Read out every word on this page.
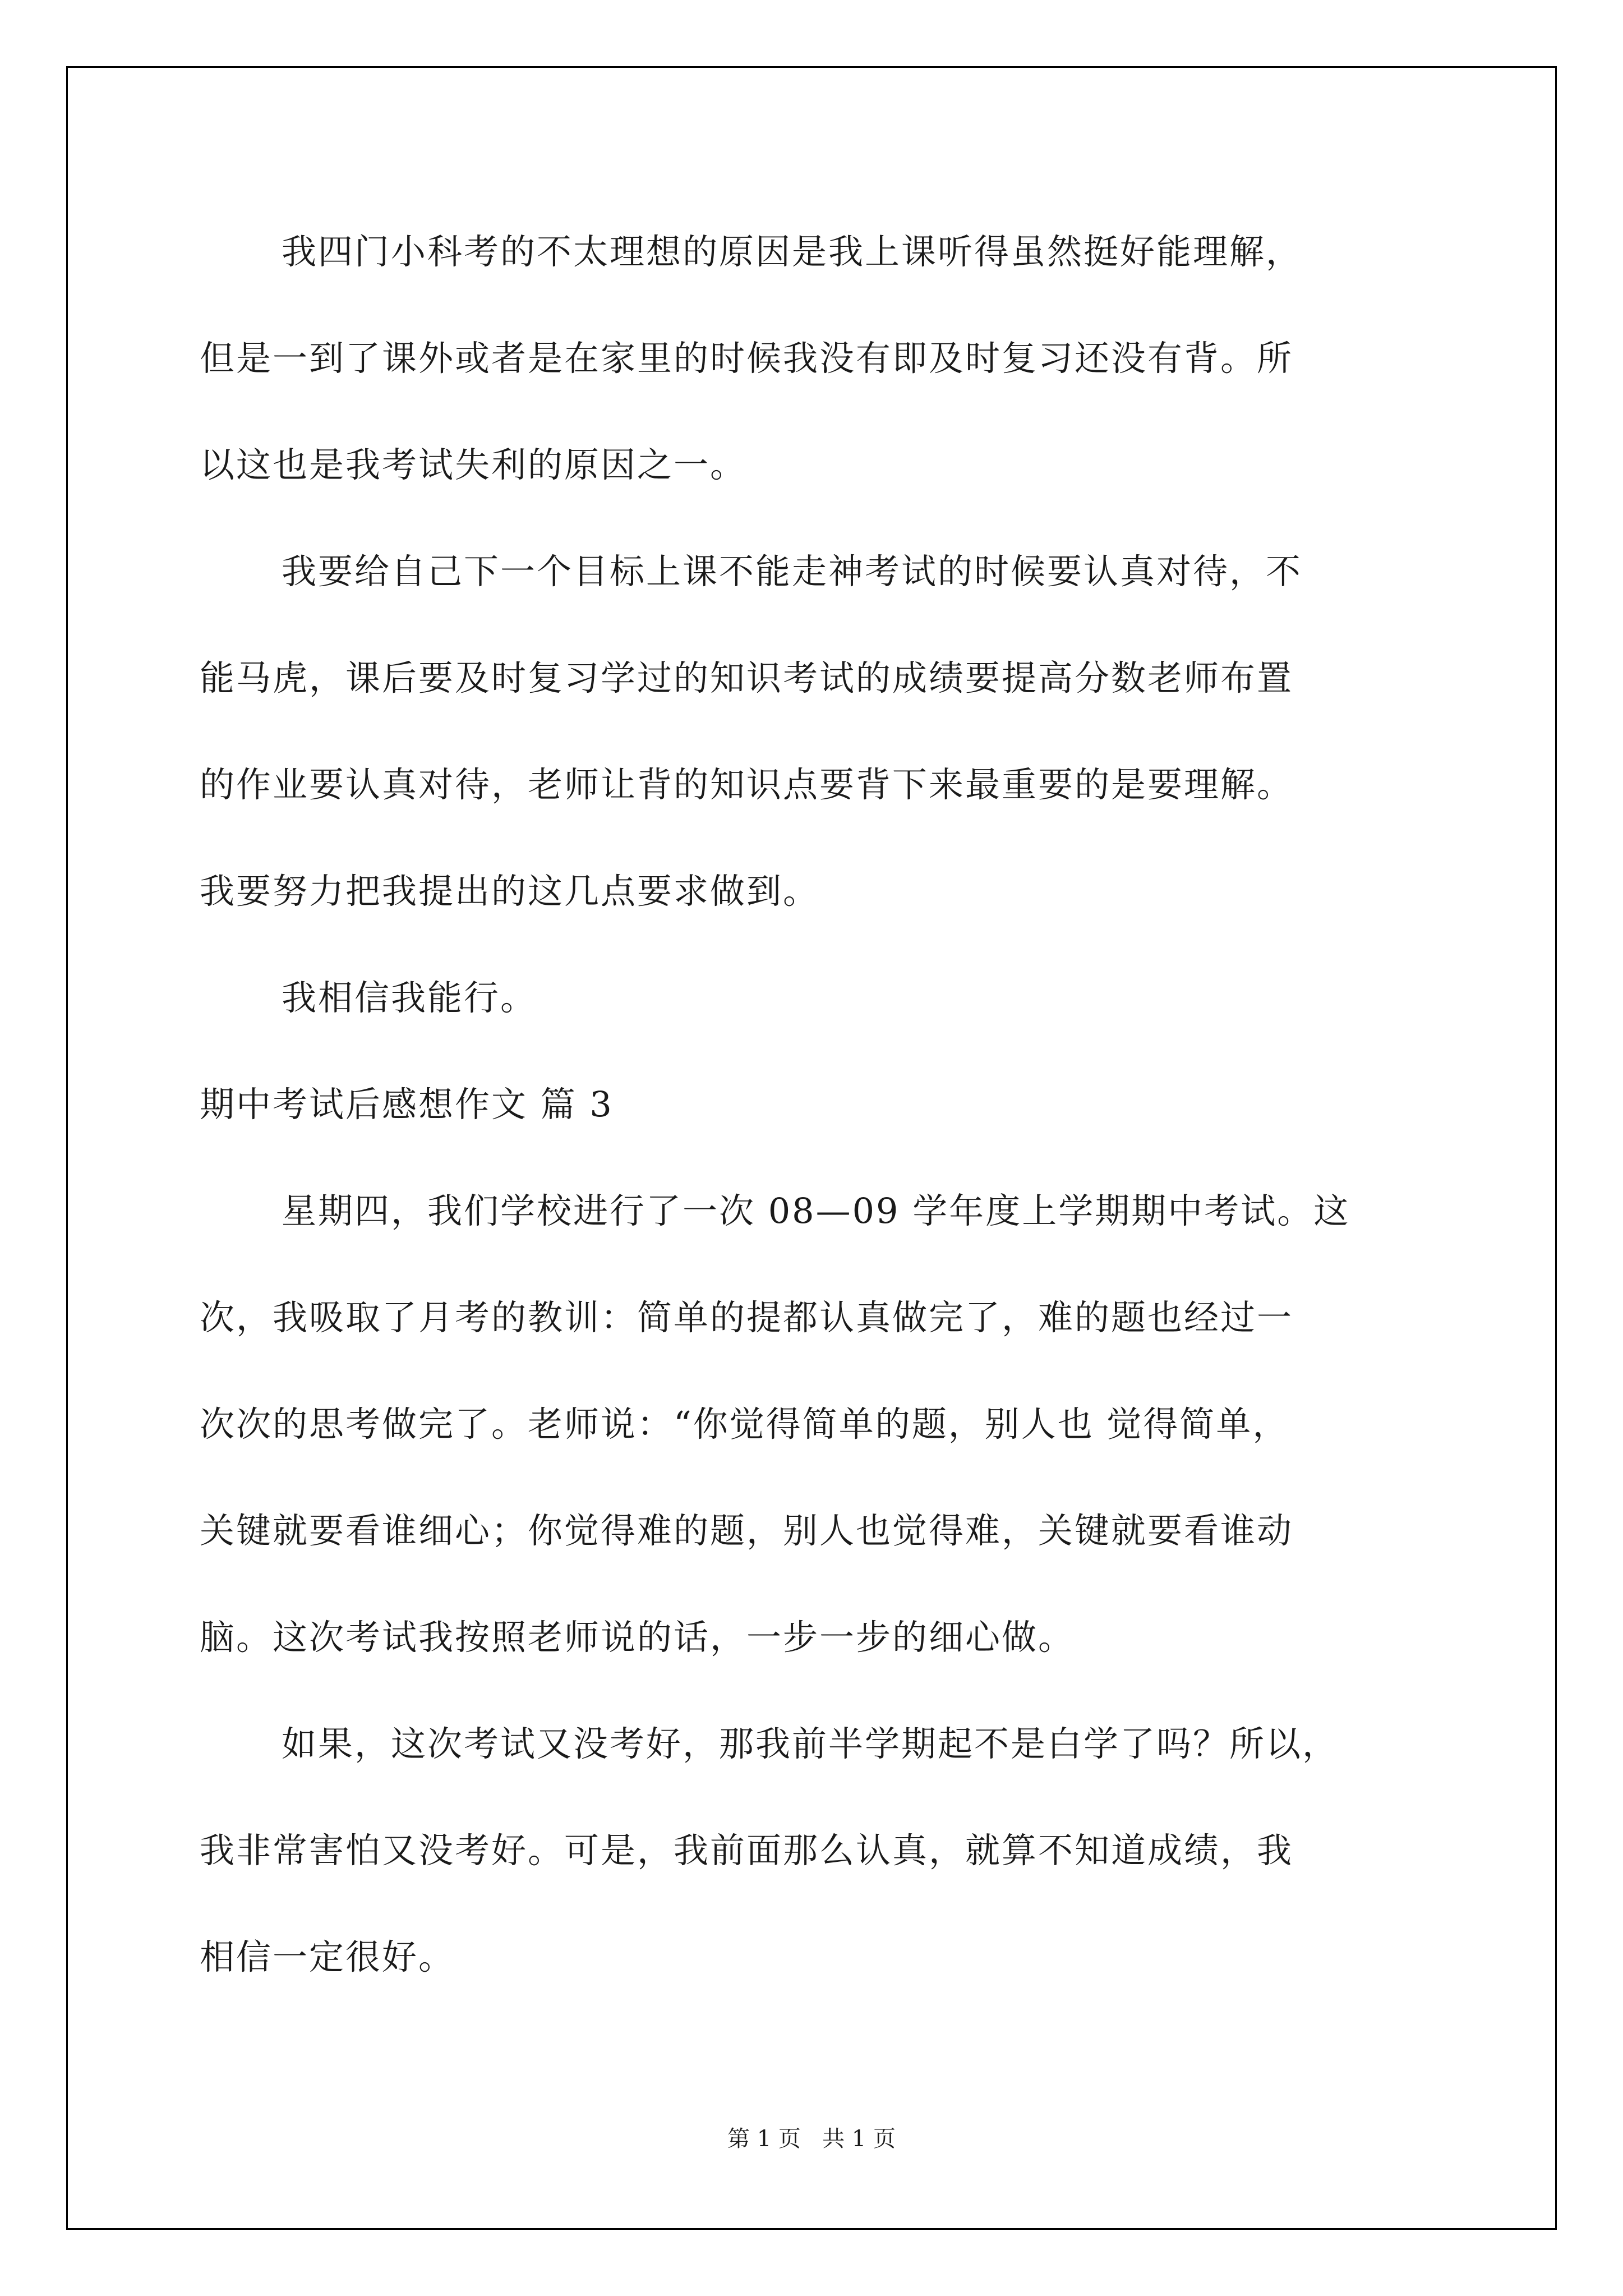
我四门小科考的不太理想的原因是我上课听得虽然挺好能理解，

但是一到了课外或者是在家里的时候我没有即及时复习还没有背。所

以这也是我考试失利的原因之一。

我要给自己下一个目标上课不能走神考试的时候要认真对待，不

能马虎，课后要及时复习学过的知识考试的成绩要提高分数老师布置

的作业要认真对待，老师让背的知识点要背下来最重要的是要理解。

我要努力把我提出的这几点要求做到。

我相信我能行。

期中考试后感想作文 篇 3

星期四，我们学校进行了一次 08—09 学年度上学期期中考试。这

次，我吸取了月考的教训：简单的提都认真做完了，难的题也经过一

次次的思考做完了。老师说：“你觉得简单的题，别人也 觉得简单，

关键就要看谁细心；你觉得难的题，别人也觉得难，关键就要看谁动

脑。这次考试我按照老师说的话，一步一步的细心做。

如果，这次考试又没考好，那我前半学期起不是白学了吗？所以，

我非常害怕又没考好。可是，我前面那么认真，就算不知道成绩，我

相信一定很好。

第 1 页   共 1 页
